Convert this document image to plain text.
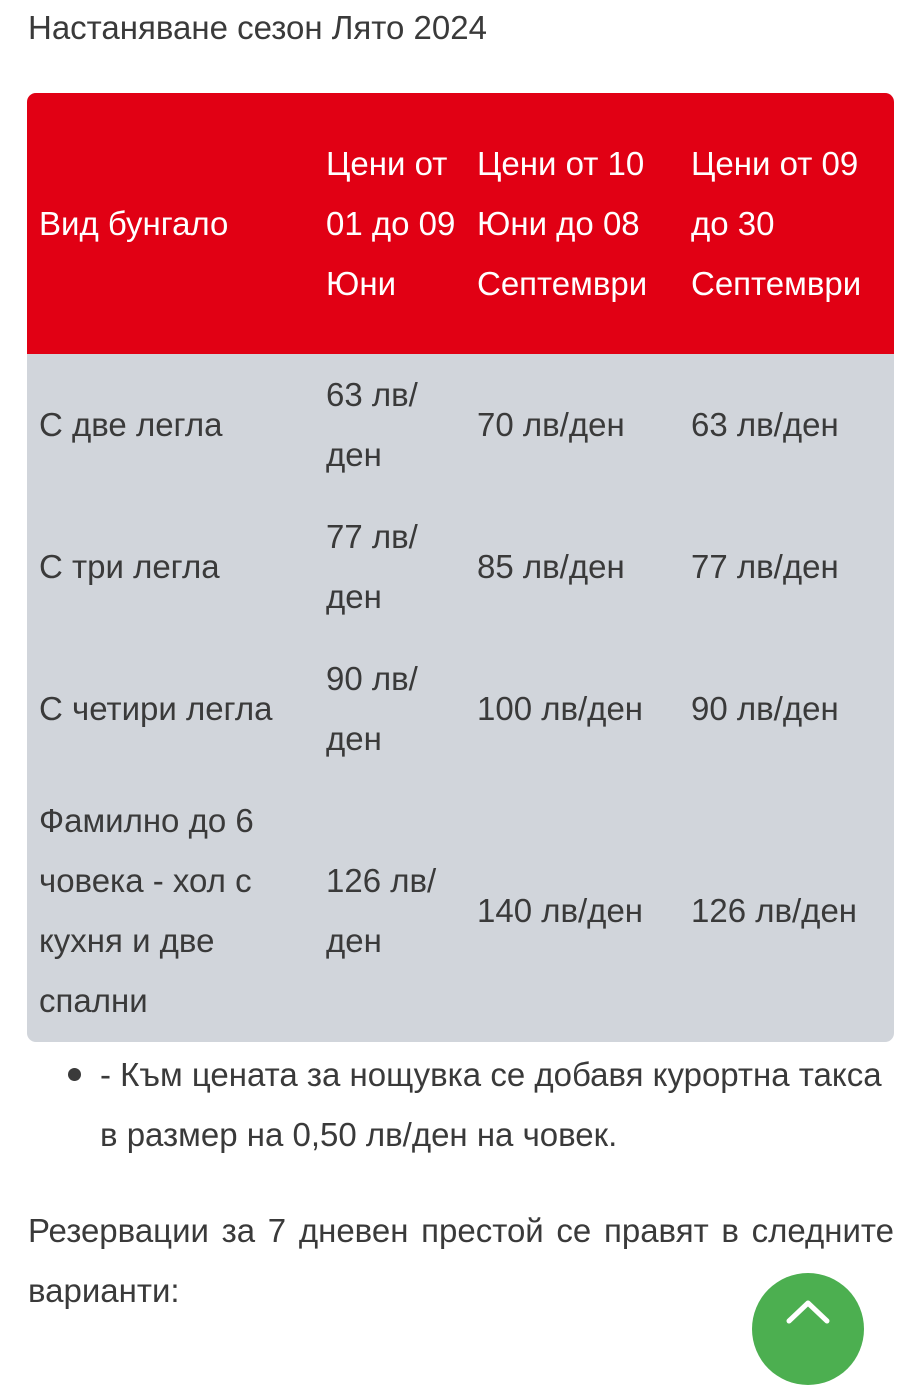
Настаняване сезон Лято 2024
Вид бунгало	Цени от 01 до 09 Юни	Цени от 10 Юни до 08 Септември	Цени от 09 до 30 Септември
С две легла	63 лв/ден	70 лв/ден	63 лв/ден
С три легла	77 лв/ден	85 лв/ден	77 лв/ден
С четири легла	90 лв/ден	100 лв/ден	90 лв/ден
Фамилно до 6 човека - хол с кухня и две спални	126 лв/ден	140 лв/ден	126 лв/ден
- Към цената за нощувка се добавя курортна такса в размер на 0,50 лв/ден на човек.
Резервации за 7 дневен престой се правят в следните варианти:
